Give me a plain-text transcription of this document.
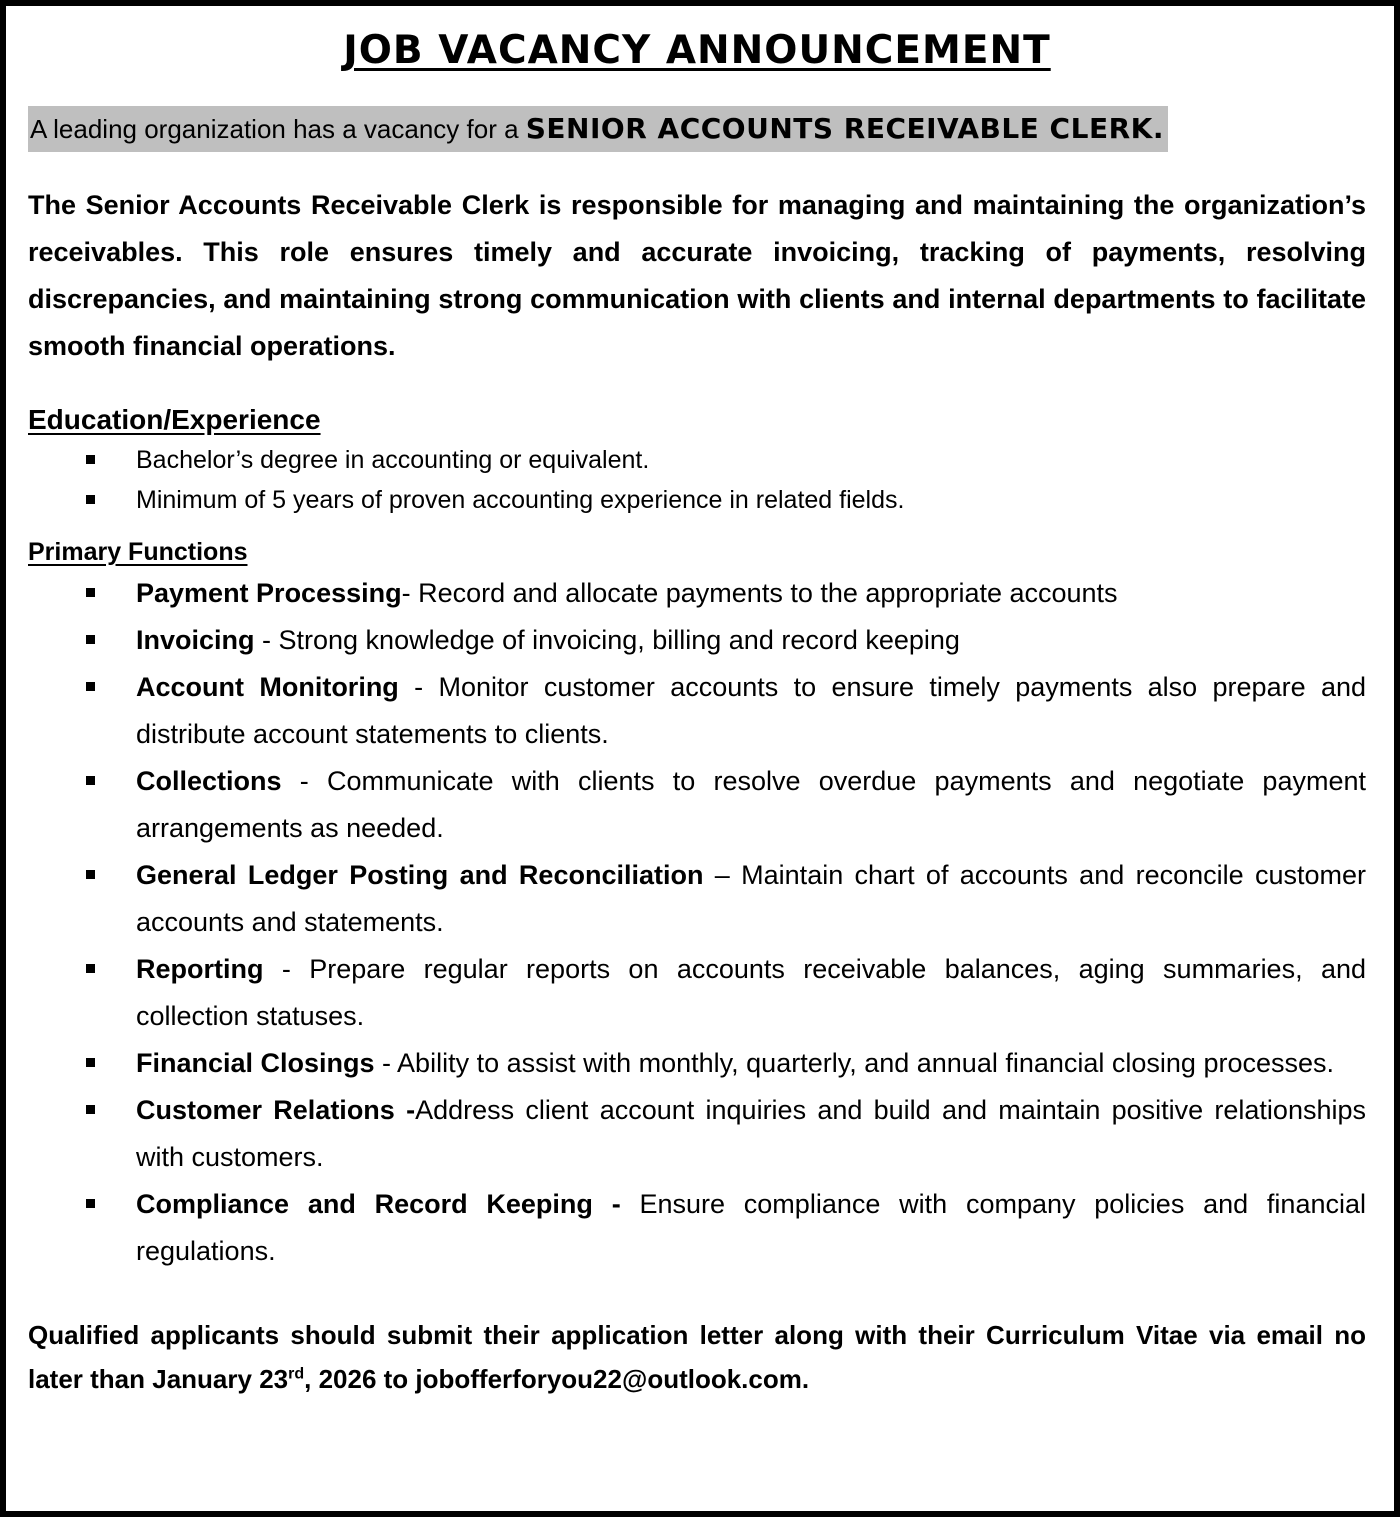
JOB VACANCY ANNOUNCEMENT
A leading organization has a vacancy for a SENIOR ACCOUNTS RECEIVABLE CLERK.

The Senior Accounts Receivable Clerk is responsible for managing and maintaining the organization’s receivables. This role ensures timely and accurate invoicing, tracking of payments, resolving discrepancies, and maintaining strong communication with clients and internal departments to facilitate smooth financial operations.

Education/Experience
Bachelor’s degree in accounting or equivalent.
Minimum of 5 years of proven accounting experience in related fields.
Primary Functions
Payment Processing- Record and allocate payments to the appropriate accounts
Invoicing - Strong knowledge of invoicing, billing and record keeping
Account Monitoring - Monitor customer accounts to ensure timely payments also prepare and distribute account statements to clients.
Collections - Communicate with clients to resolve overdue payments and negotiate payment arrangements as needed.
General Ledger Posting and Reconciliation – Maintain chart of accounts and reconcile customer accounts and statements.
Reporting - Prepare regular reports on accounts receivable balances, aging summaries, and collection statuses.
Financial Closings - Ability to assist with monthly, quarterly, and annual financial closing processes.
Customer Relations -Address client account inquiries and build and maintain positive relationships with customers.
Compliance and Record Keeping - Ensure compliance with company policies and financial regulations.

Qualified applicants should submit their application letter along with their Curriculum Vitae via email no later than January 23rd, 2026 to jobofferforyou22@outlook.com.
